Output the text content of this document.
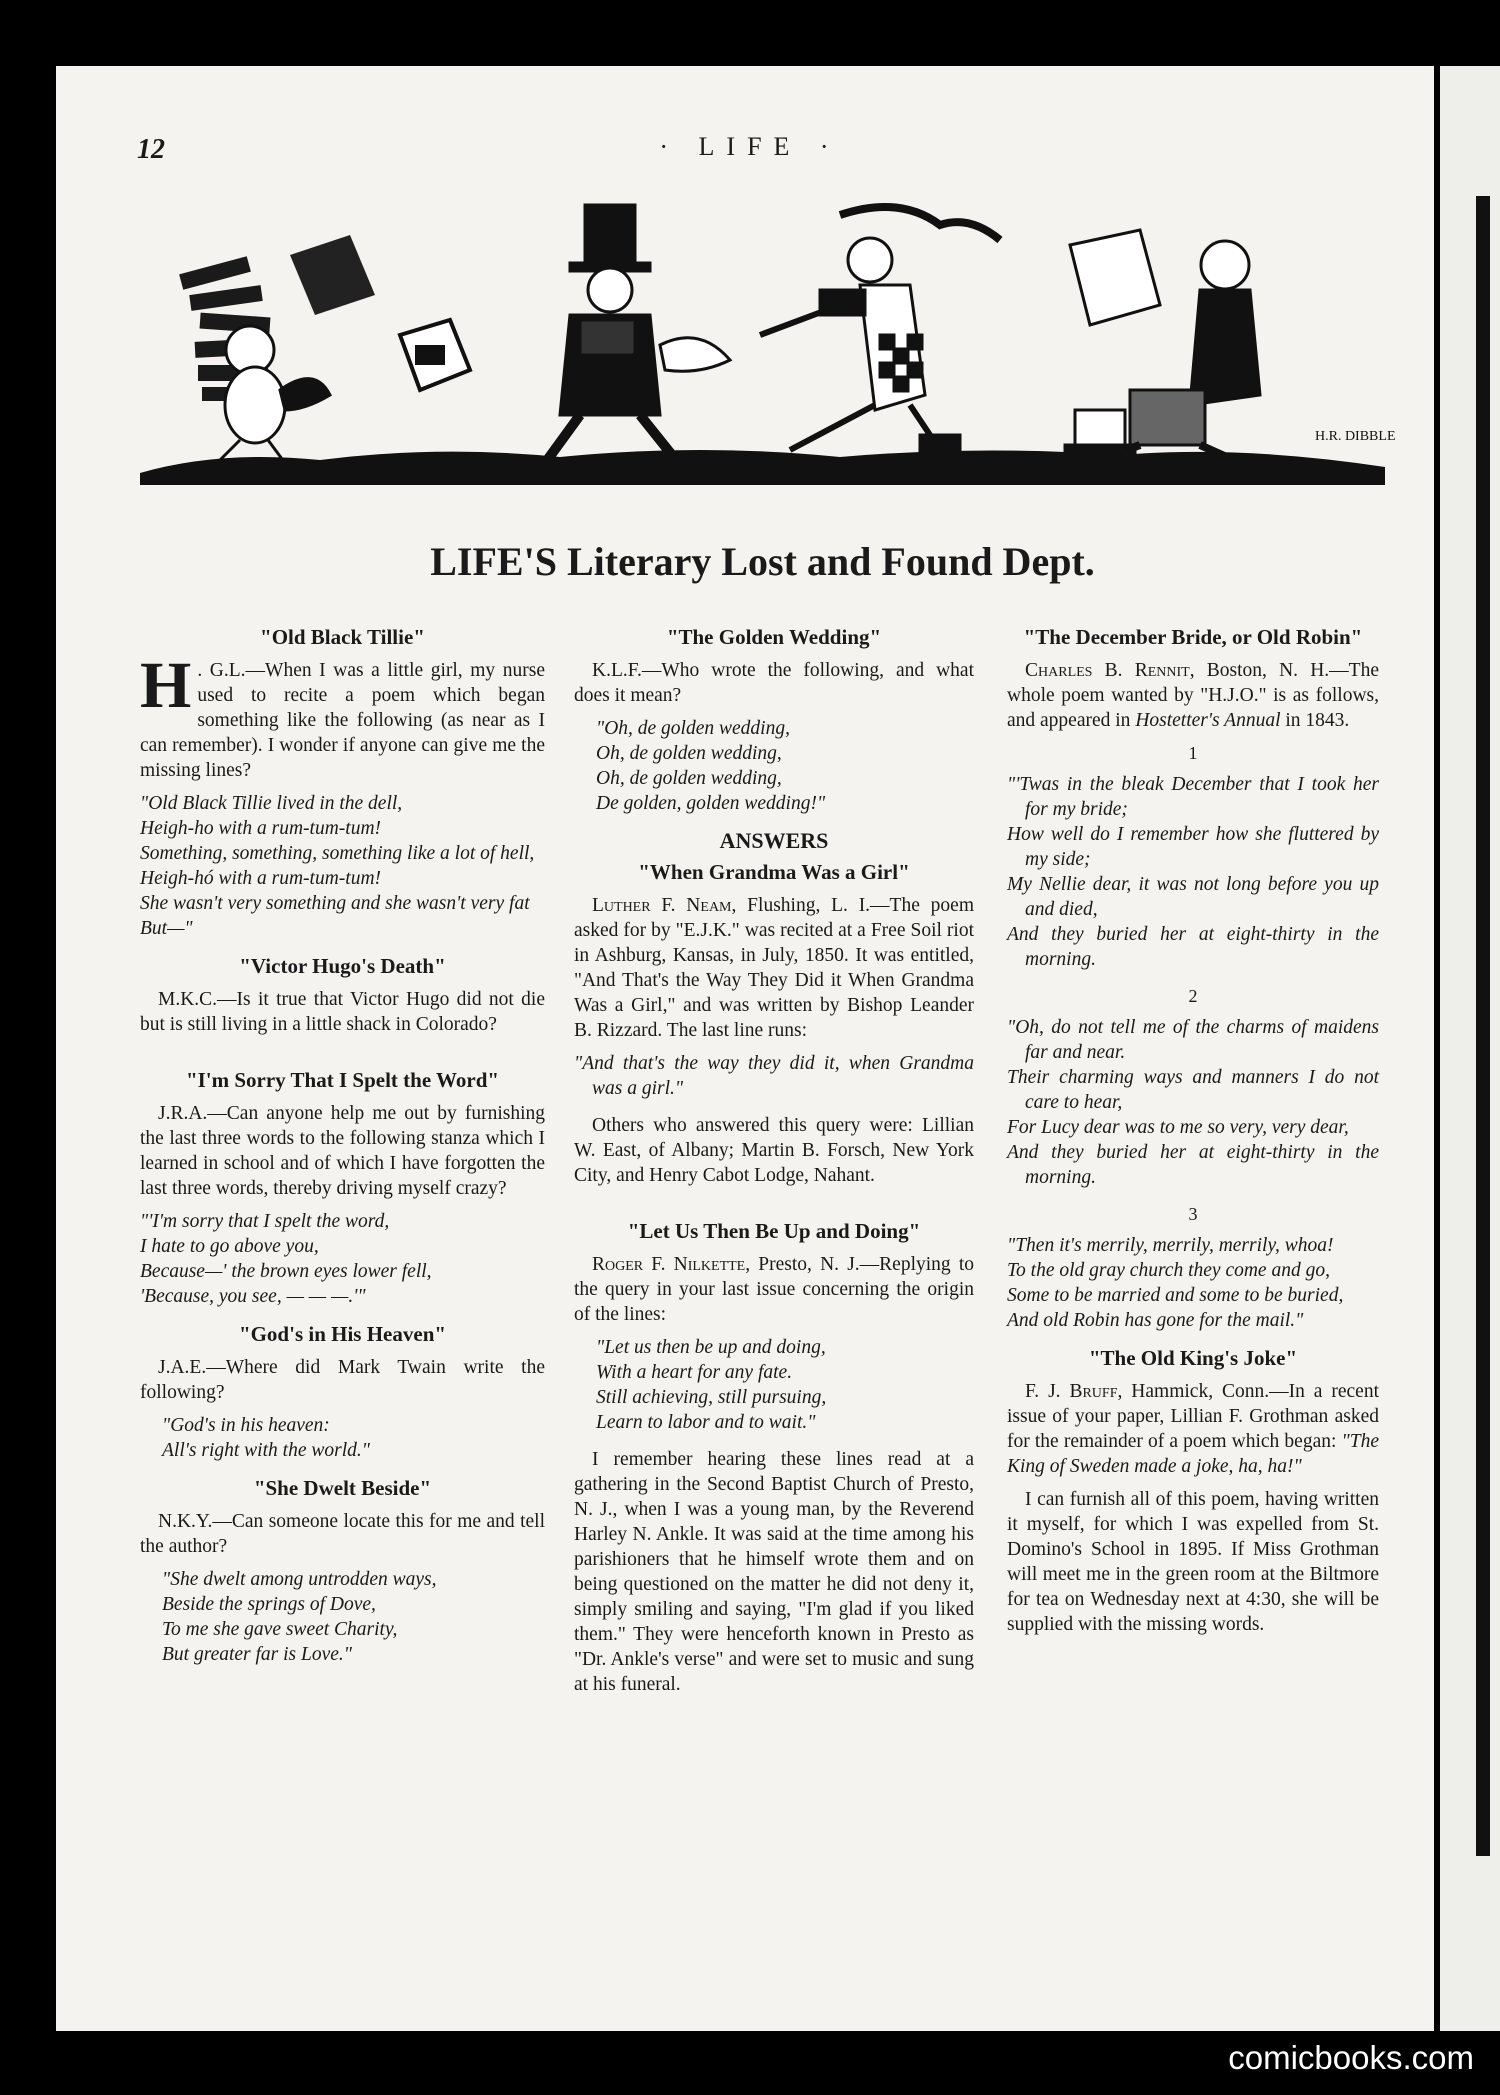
12	· LIFE ·
H.R. DIBBLE
LIFE'S Literary Lost and Found Dept.
"Old Black Tillie"

H . G.L.—When I was a little girl, my nurse used to recite a poem which began something like the following (as near as I can remember). I wonder if anyone can give me the missing lines?

"Old Black Tillie lived in the dell,
Heigh-ho with a rum-tum-tum!
Something, something, something like a lot of hell,
Heigh-hó with a rum-tum-tum!
She wasn't very something and she wasn't very fat
But—"
"Victor Hugo's Death"

M.K.C.—Is it true that Victor Hugo did not die but is still living in a little shack in Colorado?

"I'm Sorry That I Spelt the Word"

J.R.A.—Can anyone help me out by furnishing the last three words to the following stanza which I learned in school and of which I have forgotten the last three words, thereby driving myself crazy?

"'I'm sorry that I spelt the word,
I hate to go above you,
Because—' the brown eyes lower fell,
'Because, you see, — — —.'"
"God's in His Heaven"

J.A.E.—Where did Mark Twain write the following?

"God's in his heaven:
All's right with the world."
"She Dwelt Beside"

N.K.Y.—Can someone locate this for me and tell the author?

"She dwelt among untrodden ways,
Beside the springs of Dove,
To me she gave sweet Charity,
But greater far is Love."
"The Golden Wedding"

K.L.F.—Who wrote the following, and what does it mean?

"Oh, de golden wedding,
Oh, de golden wedding,
Oh, de golden wedding,
De golden, golden wedding!"
ANSWERS
"When Grandma Was a Girl"

Luther F. Neam, Flushing, L. I.—The poem asked for by "E.J.K." was recited at a Free Soil riot in Ashburg, Kansas, in July, 1850. It was entitled, "And That's the Way They Did it When Grandma Was a Girl," and was written by Bishop Leander B. Rizzard. The last line runs:

"And that's the way they did it, when Grandma was a girl."

Others who answered this query were: Lillian W. East, of Albany; Martin B. Forsch, New York City, and Henry Cabot Lodge, Nahant.

"Let Us Then Be Up and Doing"

Roger F. Nilkette, Presto, N. J.—Replying to the query in your last issue concerning the origin of the lines:

"Let us then be up and doing,
With a heart for any fate.
Still achieving, still pursuing,
Learn to labor and to wait."

I remember hearing these lines read at a gathering in the Second Baptist Church of Presto, N. J., when I was a young man, by the Reverend Harley N. Ankle. It was said at the time among his parishioners that he himself wrote them and on being questioned on the matter he did not deny it, simply smiling and saying, "I'm glad if you liked them." They were henceforth known in Presto as "Dr. Ankle's verse" and were set to music and sung at his funeral.

"The December Bride, or Old Robin"

Charles B. Rennit, Boston, N. H.—The whole poem wanted by "H.J.O." is as follows, and appeared in Hostetter's Annual in 1843.

1
"'Twas in the bleak December that I took her for my bride;
How well do I remember how she fluttered by my side;
My Nellie dear, it was not long before you up and died,
And they buried her at eight-thirty in the morning.
2
"Oh, do not tell me of the charms of maidens far and near.
Their charming ways and manners I do not care to hear,
For Lucy dear was to me so very, very dear,
And they buried her at eight-thirty in the morning.
3
"Then it's merrily, merrily, merrily, whoa!
To the old gray church they come and go,
Some to be married and some to be buried,
And old Robin has gone for the mail."
"The Old King's Joke"

F. J. Bruff, Hammick, Conn.—In a recent issue of your paper, Lillian F. Grothman asked for the remainder of a poem which began: "The King of Sweden made a joke, ha, ha!"

I can furnish all of this poem, having written it myself, for which I was expelled from St. Domino's School in 1895. If Miss Grothman will meet me in the green room at the Biltmore for tea on Wednesday next at 4:30, she will be supplied with the missing words.

comicbooks.com
